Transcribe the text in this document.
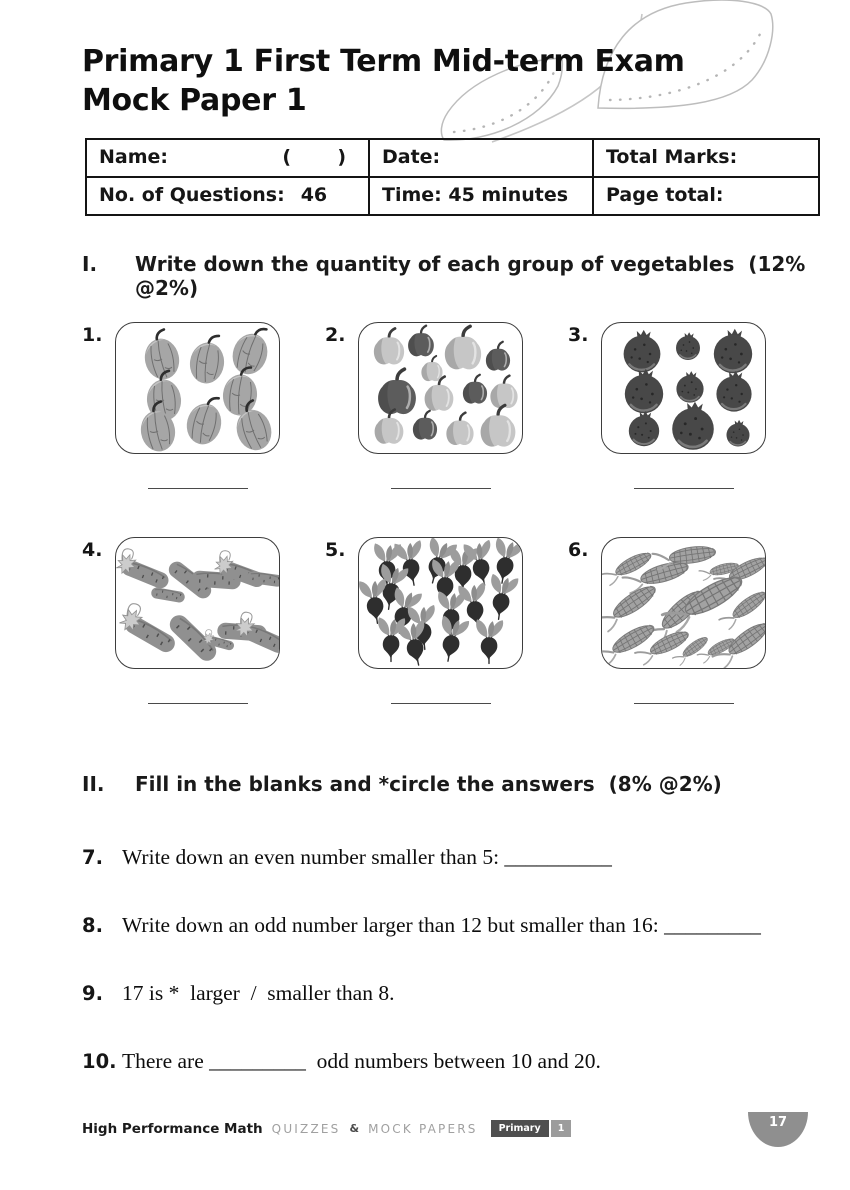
Primary 1 First Term Mid-term Exam
Mock Paper 1
Name: (       )	Date:	Total Marks:
No. of Questions: 46	Time: 45 minutes	Page total:
I.	Write down the quantity of each group of vegetables  (12% @2%)
1.	2.	3.
4.	5.	6.
II.	Fill in the blanks and *circle the answers  (8% @2%)
7. Write down an even number smaller than 5: __________
8. Write down an odd number larger than 12 but smaller than 16: _________
9. 17 is *  larger  /  smaller than 8.
10. There are _________  odd numbers between 10 and 20.
High Performance Math QUIZZES & MOCK PAPERS	Primary	1	17
